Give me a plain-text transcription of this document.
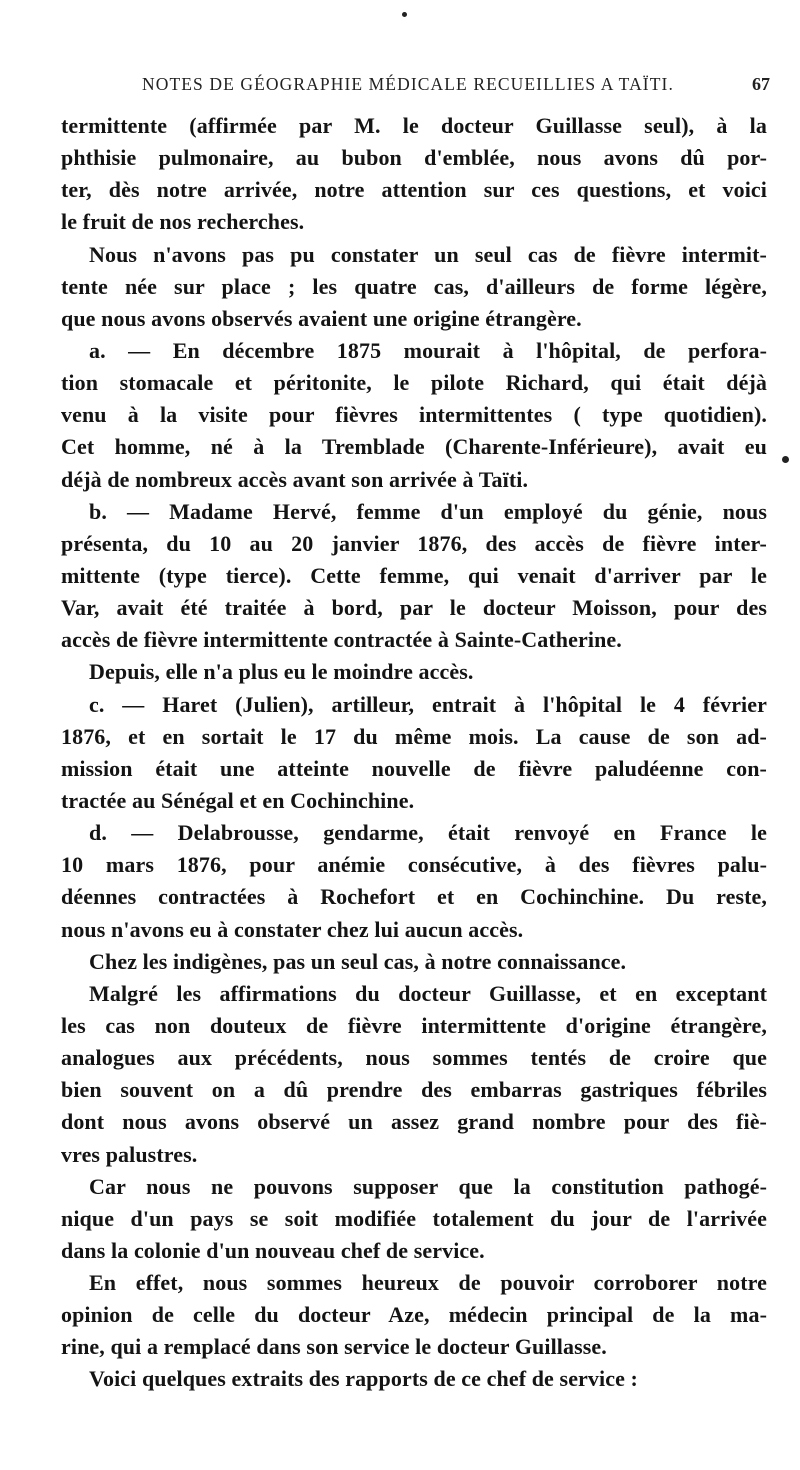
NOTES DE GÉOGRAPHIE MÉDICALE RECUEILLIES A TAÏTI.	67
termittente (affirmée par M. le docteur Guillasse seul), à la
phthisie pulmonaire, au bubon d'emblée, nous avons dû por-
ter, dès notre arrivée, notre attention sur ces questions, et voici
le fruit de nos recherches.
Nous n'avons pas pu constater un seul cas de fièvre intermit-
tente née sur place ; les quatre cas, d'ailleurs de forme légère,
que nous avons observés avaient une origine étrangère.
a. — En décembre 1875 mourait à l'hôpital, de perfora-
tion stomacale et péritonite, le pilote Richard, qui était déjà
venu à la visite pour fièvres intermittentes ( type quotidien).
Cet homme, né à la Tremblade (Charente-Inférieure), avait eu
déjà de nombreux accès avant son arrivée à Taïti.
b. — Madame Hervé, femme d'un employé du génie, nous
présenta, du 10 au 20 janvier 1876, des accès de fièvre inter-
mittente (type tierce). Cette femme, qui venait d'arriver par le
Var, avait été traitée à bord, par le docteur Moisson, pour des
accès de fièvre intermittente contractée à Sainte-Catherine.
Depuis, elle n'a plus eu le moindre accès.
c. — Haret (Julien), artilleur, entrait à l'hôpital le 4 février
1876, et en sortait le 17 du même mois. La cause de son ad-
mission était une atteinte nouvelle de fièvre paludéenne con-
tractée au Sénégal et en Cochinchine.
d. — Delabrousse, gendarme, était renvoyé en France le
10 mars 1876, pour anémie consécutive, à des fièvres palu-
déennes contractées à Rochefort et en Cochinchine. Du reste,
nous n'avons eu à constater chez lui aucun accès.
Chez les indigènes, pas un seul cas, à notre connaissance.
Malgré les affirmations du docteur Guillasse, et en exceptant
les cas non douteux de fièvre intermittente d'origine étrangère,
analogues aux précédents, nous sommes tentés de croire que
bien souvent on a dû prendre des embarras gastriques fébriles
dont nous avons observé un assez grand nombre pour des fiè-
vres palustres.
Car nous ne pouvons supposer que la constitution pathogé-
nique d'un pays se soit modifiée totalement du jour de l'arrivée
dans la colonie d'un nouveau chef de service.
En effet, nous sommes heureux de pouvoir corroborer notre
opinion de celle du docteur Aze, médecin principal de la ma-
rine, qui a remplacé dans son service le docteur Guillasse.
Voici quelques extraits des rapports de ce chef de service :
